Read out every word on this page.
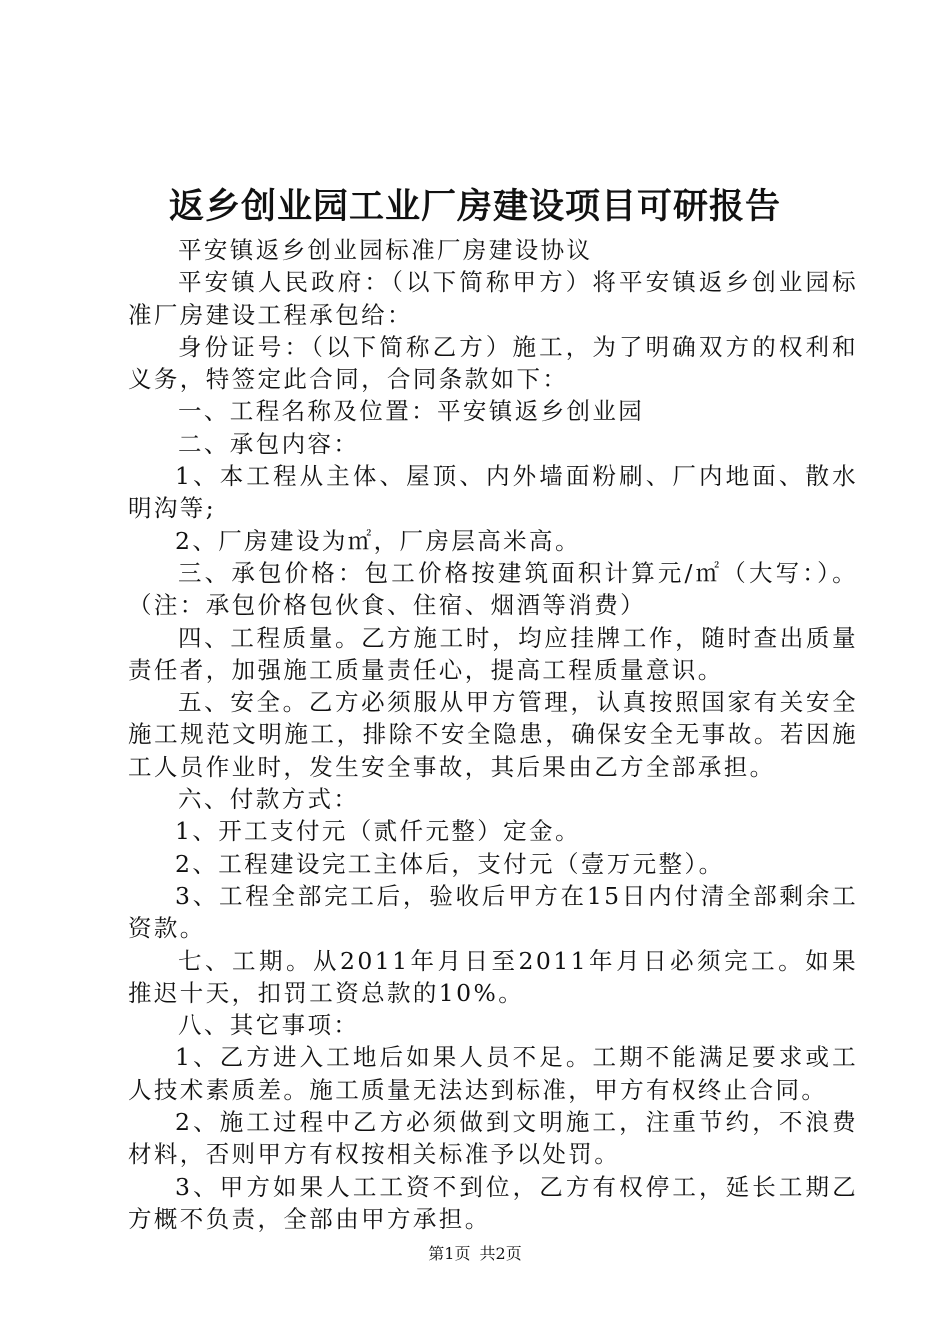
返乡创业园工业厂房建设项目可研报告

平安镇返乡创业园标准厂房建设协议

平安镇人民政府：（以下简称甲方）将平安镇返乡创业园标准厂房建设工程承包给：

身份证号：（以下简称乙方）施工，为了明确双方的权利和义务，特签定此合同，合同条款如下：

一、工程名称及位置：平安镇返乡创业园

二、承包内容：

1、本工程从主体、屋顶、内外墙面粉刷、厂内地面、散水明沟等;

2、厂房建设为㎡，厂房层高米高。

三、承包价格：包工价格按建筑面积计算元/㎡（大写：）。（注：承包价格包伙食、住宿、烟酒等消费）

四、工程质量。乙方施工时，均应挂牌工作，随时查出质量责任者，加强施工质量责任心，提高工程质量意识。

五、安全。乙方必须服从甲方管理，认真按照国家有关安全施工规范文明施工，排除不安全隐患，确保安全无事故。若因施工人员作业时，发生安全事故，其后果由乙方全部承担。

六、付款方式：

1、开工支付元（贰仟元整）定金。

2、工程建设完工主体后，支付元（壹万元整）。

3、工程全部完工后，验收后甲方在15日内付清全部剩余工资款。

七、工期。从2011年月日至2011年月日必须完工。如果推迟十天，扣罚工资总款的10%。

八、其它事项：

1、乙方进入工地后如果人员不足。工期不能满足要求或工人技术素质差。施工质量无法达到标准，甲方有权终止合同。

2、施工过程中乙方必须做到文明施工，注重节约，不浪费材料，否则甲方有权按相关标准予以处罚。

3、甲方如果人工工资不到位，乙方有权停工，延长工期乙方概不负责，全部由甲方承担。

第1页 共2页
